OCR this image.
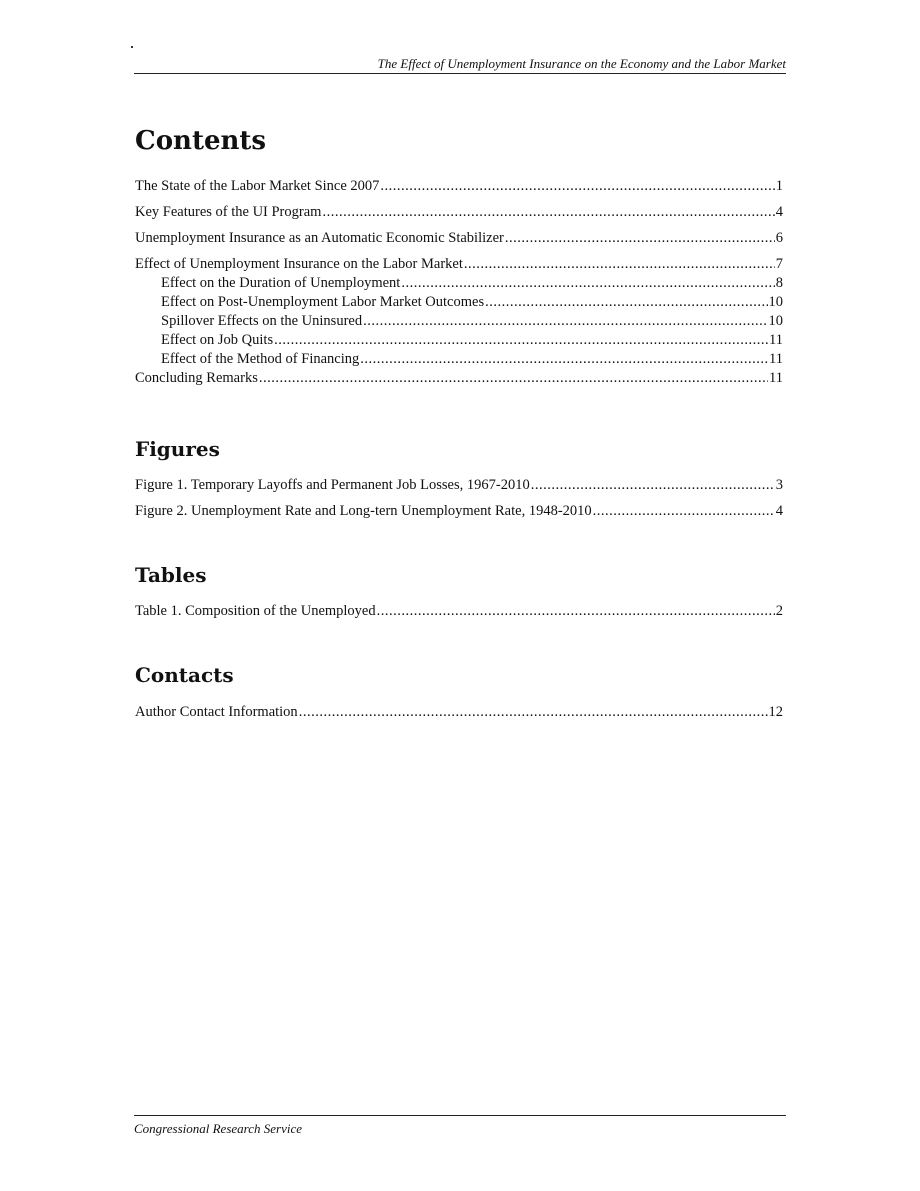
The Effect of Unemployment Insurance on the Economy and the Labor Market
Contents
The State of the Labor Market Since 2007 .....	1
Key Features of the UI Program .....	4
Unemployment Insurance as an Automatic Economic Stabilizer .....	6
Effect of Unemployment Insurance on the Labor Market .....	7
Effect on the Duration of Unemployment .....	8
Effect on Post-Unemployment Labor Market Outcomes .....	10
Spillover Effects on the Uninsured .....	10
Effect on Job Quits .....	11
Effect of the Method of Financing .....	11
Concluding Remarks .....	11
Figures
Figure 1. Temporary Layoffs and Permanent Job Losses, 1967-2010 .....	3
Figure 2. Unemployment Rate and Long-tern Unemployment Rate, 1948-2010 .....	4
Tables
Table 1. Composition of the Unemployed .....	2
Contacts
Author Contact Information .....	12
Congressional Research Service
